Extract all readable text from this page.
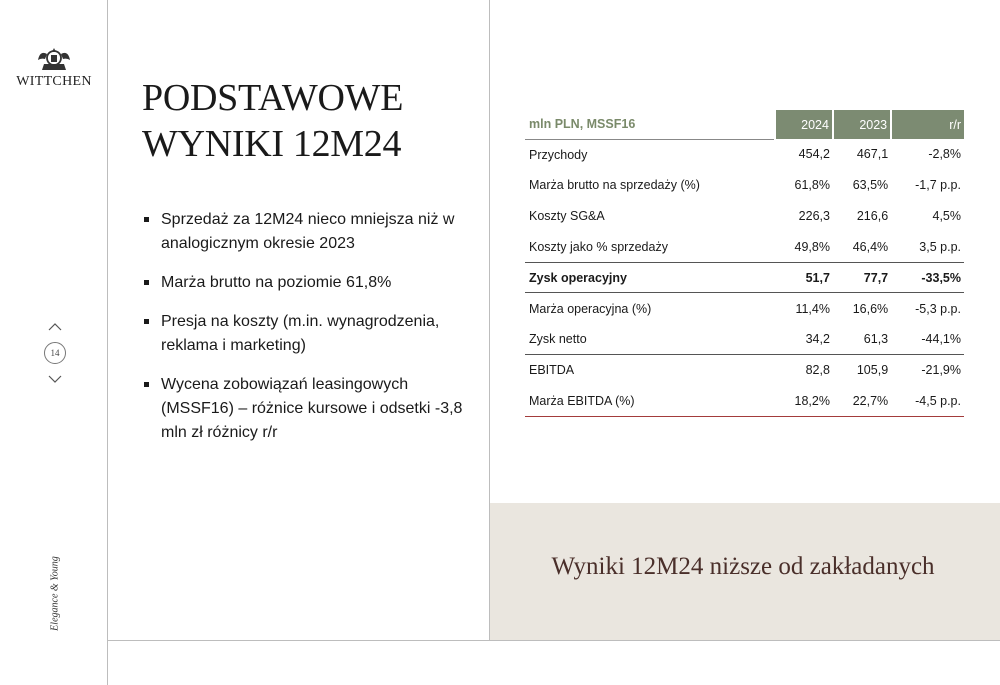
WITTCHEN
14
Elegance & Young
PODSTAWOWE
WYNIKI 12M24
Sprzedaż za 12M24 nieco mniejsza niż w analogicznym okresie 2023
Marża brutto na poziomie 61,8%
Presja na koszty (m.in. wynagrodzenia, reklama i marketing)
Wycena zobowiązań leasingowych (MSSF16) – różnice kursowe i odsetki -3,8 mln zł różnicy r/r
mln PLN, MSSF16	2024	2023	r/r
Przychody	454,2	467,1	-2,8%
Marża brutto na sprzedaży (%)	61,8%	63,5%	-1,7 p.p.
Koszty SG&A	226,3	216,6	4,5%
Koszty jako % sprzedaży	49,8%	46,4%	3,5 p.p.
Zysk operacyjny	51,7	77,7	-33,5%
Marża operacyjna (%)	11,4%	16,6%	-5,3 p.p.
Zysk netto	34,2	61,3	-44,1%
EBITDA	82,8	105,9	-21,9%
Marża EBITDA (%)	18,2%	22,7%	-4,5 p.p.
Wyniki 12M24 niższe od zakładanych
